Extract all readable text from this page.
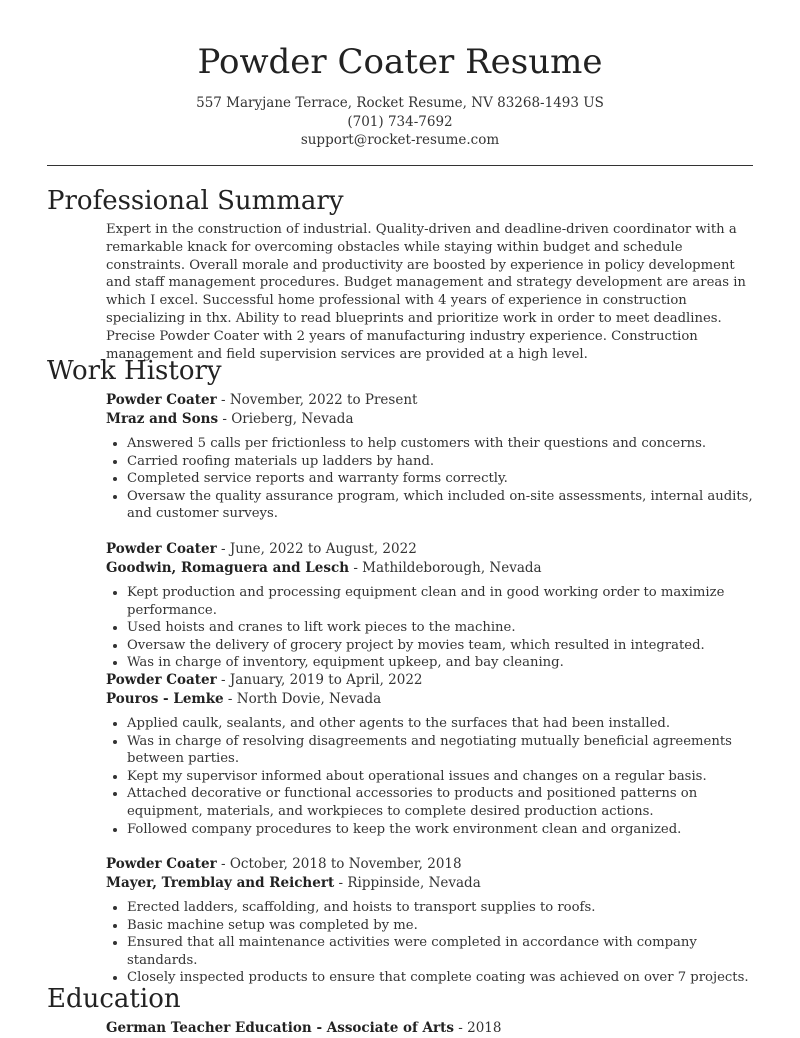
Powder Coater Resume
557 Maryjane Terrace, Rocket Resume, NV 83268-1493 US
(701) 734-7692
support@rocket-resume.com
Professional Summary

Expert in the construction of industrial. Quality-driven and deadline-driven coordinator with a remarkable knack for overcoming obstacles while staying within budget and schedule constraints. Overall morale and productivity are boosted by experience in policy development and staff management procedures. Budget management and strategy development are areas in which I excel. Successful home professional with 4 years of experience in construction specializing in thx. Ability to read blueprints and prioritize work in order to meet deadlines. Precise Powder Coater with 2 years of manufacturing industry experience. Construction management and field supervision services are provided at a high level.

Work History
Powder Coater - November, 2022 to Present
Mraz and Sons - Orieberg, Nevada
• Answered 5 calls per frictionless to help customers with their questions and concerns.
• Carried roofing materials up ladders by hand.
• Completed service reports and warranty forms correctly.
• Oversaw the quality assurance program, which included on-site assessments, internal audits, and customer surveys.
Powder Coater - June, 2022 to August, 2022
Goodwin, Romaguera and Lesch - Mathildeborough, Nevada
• Kept production and processing equipment clean and in good working order to maximize performance.
• Used hoists and cranes to lift work pieces to the machine.
• Oversaw the delivery of grocery project by movies team, which resulted in integrated.
• Was in charge of inventory, equipment upkeep, and bay cleaning.
Powder Coater - January, 2019 to April, 2022
Pouros - Lemke - North Dovie, Nevada
• Applied caulk, sealants, and other agents to the surfaces that had been installed.
• Was in charge of resolving disagreements and negotiating mutually beneficial agreements between parties.
• Kept my supervisor informed about operational issues and changes on a regular basis.
• Attached decorative or functional accessories to products and positioned patterns on equipment, materials, and workpieces to complete desired production actions.
• Followed company procedures to keep the work environment clean and organized.
Powder Coater - October, 2018 to November, 2018
Mayer, Tremblay and Reichert - Rippinside, Nevada
• Erected ladders, scaffolding, and hoists to transport supplies to roofs.
• Basic machine setup was completed by me.
• Ensured that all maintenance activities were completed in accordance with company standards.
• Closely inspected products to ensure that complete coating was achieved on over 7 projects.
Education
German Teacher Education - Associate of Arts - 2018
